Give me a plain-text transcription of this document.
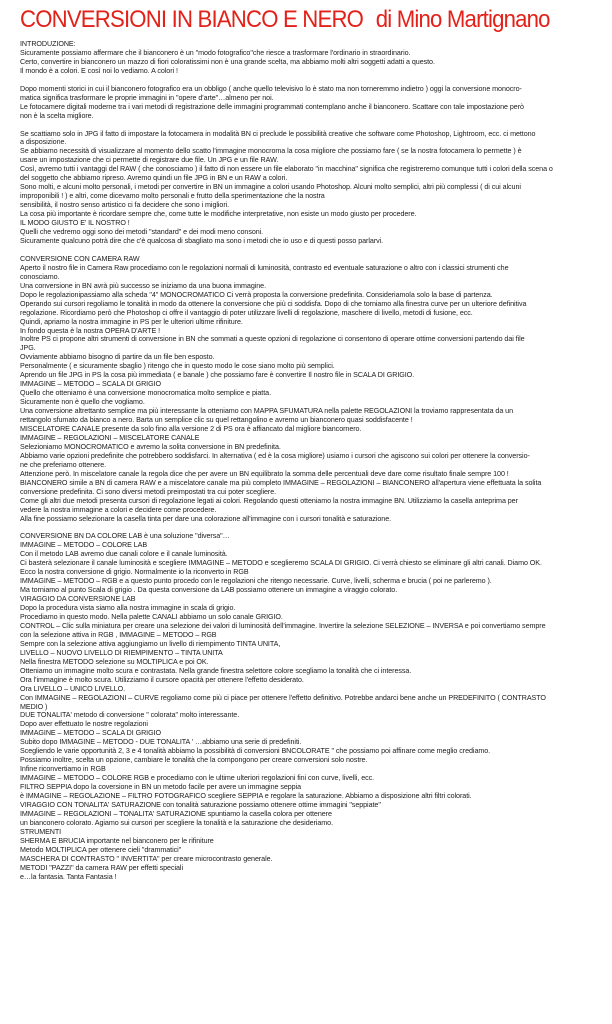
CONVERSIONI IN BIANCO E NERO di Mino Martignano

INTRODUZIONE:

Sicuramente possiamo affermare che il bianconero è un "modo fotografico"che riesce a trasformare l'ordinario in straordinario.

Certo, convertire in bianconero un mazzo di fiori coloratissimi non è una grande scelta, ma abbiamo molti altri soggetti adatti a questo.

Il mondo è a colori. E così noi lo vediamo. A colori !

Dopo momenti storici in cui il bianconero fotografico era un obbligo ( anche quello televisivo lo è stato ma non torneremmo indietro ) oggi la conversione monocro-

matica significa trasformare le proprie immagini in "opere d'arte"…almeno per noi.

Le fotocamere digitali moderne tra i vari metodi di registrazione delle immagini programmati contemplano anche il bianconero. Scattare con tale impostazione però

non è la scelta migliore.

Se scattiamo solo in JPG il fatto di impostare la fotocamera in modalità BN ci preclude le possibilità creative che software come Photoshop, Lightroom, ecc. ci mettono

a disposizione.

Se abbiamo necessità di visualizzare al momento dello scatto l'immagine monocroma la cosa migliore che possiamo fare ( se la nostra fotocamera lo permette ) è

usare un impostazione che ci permette di registrare due file. Un JPG e un file RAW.

Così, avremo tutti i vantaggi del RAW ( che conosciamo ) il fatto di non essere un file elaborato "in macchina" significa che registreremo comunque tutti i colori della scena o

del soggetto che abbiamo ripreso. Avremo quindi un file JPG in BN e un RAW a colori.

Sono molti, e alcuni molto personali, i metodi per convertire in BN un immagine a colori usando Photoshop. Alcuni molto semplici, altri più complessi ( di cui alcuni

improponibili ! ) e altri, come dicevamo molto personali e frutto della sperimentazione che la nostra

sensibilità, il nostro senso artistico ci fa decidere che sono i migliori.

La cosa più importante è ricordare sempre che, come tutte le modifiche interpretative, non esiste un modo giusto per procedere.

IL MODO GIUSTO E' IL NOSTRO !

Quelli che vedremo oggi sono dei metodi "standard" e dei modi meno consoni.

Sicuramente qualcuno potrà dire che c'è qualcosa di sbagliato ma sono i metodi che io uso e di questi posso parlarvi.

CONVERSIONE CON CAMERA RAW

Aperto il nostro file in Camera Raw procediamo con le regolazioni normali di luminosità, contrasto ed eventuale saturazione o altro con i classici strumenti che

conosciamo.

Una conversione in BN avrà più successo se iniziamo da una buona immagine.

Dopo le regolazionipassiamo alla scheda "4" MONOCROMATICO Ci verrà proposta la conversione predefinita. Consideriamola solo la base di partenza.

Operando sui cursori regoliamo le tonalità in modo da ottenere la conversione che più ci soddisfa. Dopo di che torniamo alla finestra curve per un ulteriore definitiva

regolazione. Ricordiamo però che Photoshop ci offre il vantaggio di poter utilizzare livelli di regolazione, maschere di livello, metodi di fusione, ecc.

Quindi, apriamo la nostra immagine in PS per le ulteriori ultime rifiniture.

In fondo questa è la nostra OPERA D'ARTE !

Inoltre PS ci propone altri strumenti di conversione in BN che sommati a queste opzioni di regolazione ci consentono di operare ottime conversioni partendo dai file

JPG.

Ovviamente abbiamo bisogno di partire da un file ben esposto.

Personalmente ( e sicuramente sbaglio ) ritengo che in questo modo le cose siano molto più semplici.

Aprendo un file JPG in PS la cosa più immediata ( e banale ) che possiamo fare è convertire Il nostro file in SCALA DI GRIGIO.

IMMAGINE – METODO – SCALA DI GRIGIO

Quello che otteniamo è una conversione monocromatica molto semplice e piatta.

Sicuramente non è quello che vogliamo.

Una conversione altrettanto semplice ma più interessante la otteniamo con MAPPA SFUMATURA nella palette REGOLAZIONI la troviamo rappresentata da un

rettangolo sfumato da bianco a nero. Barta un semplice clic su quel rettangolino e avremo un bianconero quasi soddisfacente !

MISCELATORE CANALE presente da solo fino alla versione 2 di PS ora è affiancato dal migliore biancornero.

IMMAGINE – REGOLAZIONI – MISCELATORE CANALE

Selezioniamo MONOCROMATICO e avremo la solita conversione in BN predefinita.

Abbiamo varie opzioni predefinite che potrebbero soddisfarci. In alternativa ( ed è la cosa migliore) usiamo i cursori che agiscono sui colori per ottenere la conversio-

ne che preferiamo ottenere.

Attenzione però. In miscelatore canale la regola dice che per avere un BN equilibrato la somma delle percentuali deve dare come risultato finale sempre 100 !

BIANCONERO simile a BN di camera RAW e a miscelatore canale ma più completo IMMAGINE – REGOLAZIONI – BIANCONERO all'apertura viene effettuata la solita

conversione predefinita. Ci sono diversi metodi preimpostati tra cui poter scegliere.

Come gli altri due metodi presenta cursori di regolazione legati ai colori. Regolando questi otteniamo la nostra immagine BN. Utilizziamo la casella anteprima per

vedere la nostra immagine a colori e decidere come procedere.

Alla fine possiamo selezionare la casella tinta per dare una colorazione all'immagine con i cursori tonalità e saturazione.

CONVERSIONE BN DA COLORE LAB è una soluzione "diversa"…

IMMAGINE – METODO – COLORE LAB

Con il metodo LAB avremo due canali colore e il canale luminosità.

Ci basterà selezionare il canale luminosità e scegliere IMMAGINE – METODO e sceglieremo SCALA DI GRIGIO. Ci verrà chiesto se eliminare gli altri canali. Diamo OK.

Ecco la nostra conversione di grigio. Normalmente io la riconverto in RGB

IMMAGINE – METODO – RGB e a questo punto procedo con le regolazioni che ritengo necessarie. Curve, livelli, scherma e brucia ( poi ne parleremo ).

Ma torniamo al punto Scala di grigio . Da questa conversione da LAB possiamo ottenere un immagine a viraggio colorato.

VIRAGGIO DA CONVERSIONE LAB

Dopo la procedura vista siamo alla nostra immagine in scala di grigio.

Procediamo in questo modo. Nella palette CANALI abbiamo un solo canale GRIGIO.

CONTROL – Clic sulla miniatura per creare una selezione dei valori di luminosità dell'immagine. Invertire la selezione SELEZIONE – INVERSA e poi convertiamo sempre

con la selezione attiva in RGB , IMMAGINE – METODO – RGB

Sempre con la selezione attiva aggiungiamo un livello di riempimento TINTA UNITA,

LIVELLO – NUOVO LIVELLO DI RIEMPIMENTO – TINTA UNITA

Nella finestra METODO selezione su MOLTIPLICA e poi OK.

Otteniamo un immagine molto scura e contrastata. Nella grande finestra selettore colore scegliamo la tonalità che ci interessa.

Ora l'immagine è molto scura. Utilizziamo il cursore opacità per ottenere l'effetto desiderato.

Ora LIVELLO – UNICO LIVELLO.

Con IMMAGINE – REGOLAZIONI – CURVE regoliamo come più ci piace per ottenere l'effetto definitivo. Potrebbe andarci bene anche un PREDEFINITO ( CONTRASTO

MEDIO )

DUE TONALITA' metodo di conversione " colorata" molto interessante.

Dopo aver effettuato le nostre regolazioni

IMMAGINE – METODO – SCALA DI GRIGIO

Subito dopo IMMAGINE – METODO - DUE TONALITA ' …abbiamo una serie di predefiniti.

Scegliendo le varie opportunità 2, 3 e 4 tonalità abbiamo la possibilità di conversioni BNCOLORATE " che possiamo poi affinare come meglio crediamo.

Possiamo inoltre, scelta un opzione, cambiare le tonalità che la compongono per creare conversioni solo nostre.

Infine riconvertiamo in RGB

IMMAGINE – METODO – COLORE RGB e procediamo con le ultime ulteriori regolazioni fini con curve, livelli, ecc.

FILTRO SEPPIA dopo la coversione in BN un metodo facile per avere un immagine seppia

è IMMAGINE – REGOLAZIONE – FILTRO FOTOGRAFICO scegliere SEPPIA e regolare la saturazione. Abbiamo a disposizione altri filtri colorati.

VIRAGGIO CON TONALITA' SATURAZIONE con tonalità saturazione possiamo ottenere ottime immagini "seppiate"

IMMAGINE – REGOLAZIONI – TONALITA' SATURAZIONE spuntiamo la casella colora per ottenere

un bianconero colorato. Agiamo sui cursori per scegliere la tonalità e la saturazione che desideriamo.

STRUMENTI

SHERMA E BRUCIA importante nel bianconero per le rifiniture

Metodo MOLTIPLICA per ottenere cieli "drammatici"

MASCHERA DI CONTRASTO " INVERTITA" per creare microcontrasto generale.

METODI "PAZZI" da camera RAW per effetti speciali

e…la fantasia. Tanta Fantasia !
